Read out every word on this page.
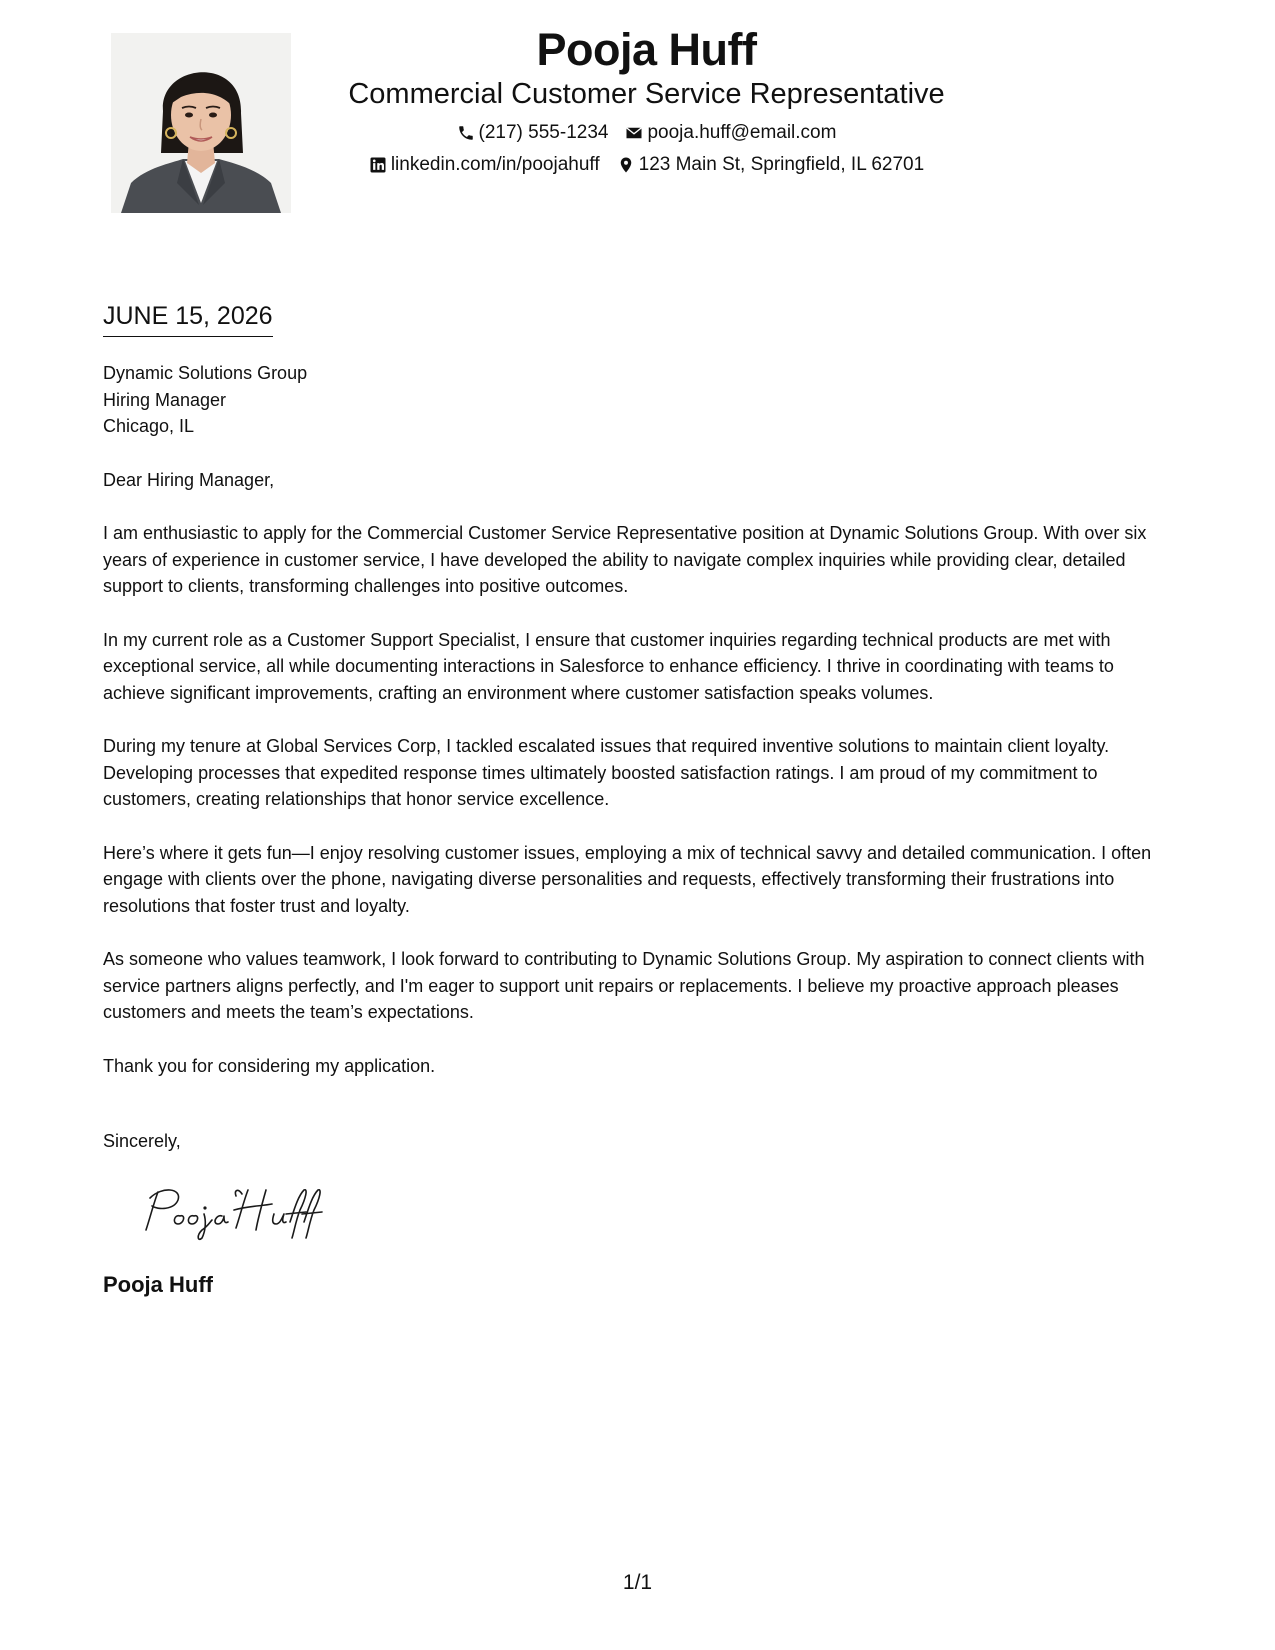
Pooja Huff
Commercial Customer Service Representative
(217) 555-1234 pooja.huff@email.com
linkedin.com/in/poojahuff 123 Main St, Springfield, IL 62701
JUNE 15, 2026
Dynamic Solutions Group
Hiring Manager
Chicago, IL

Dear Hiring Manager,

I am enthusiastic to apply for the Commercial Customer Service Representative position at Dynamic Solutions Group. With over six years of experience in customer service, I have developed the ability to navigate complex inquiries while providing clear, detailed support to clients, transforming challenges into positive outcomes.

In my current role as a Customer Support Specialist, I ensure that customer inquiries regarding technical products are met with exceptional service, all while documenting interactions in Salesforce to enhance efficiency. I thrive in coordinating with teams to achieve significant improvements, crafting an environment where customer satisfaction speaks volumes.

During my tenure at Global Services Corp, I tackled escalated issues that required inventive solutions to maintain client loyalty. Developing processes that expedited response times ultimately boosted satisfaction ratings. I am proud of my commitment to customers, creating relationships that honor service excellence.

Here’s where it gets fun—I enjoy resolving customer issues, employing a mix of technical savvy and detailed communication. I often engage with clients over the phone, navigating diverse personalities and requests, effectively transforming their frustrations into resolutions that foster trust and loyalty.

As someone who values teamwork, I look forward to contributing to Dynamic Solutions Group. My aspiration to connect clients with service partners aligns perfectly, and I'm eager to support unit repairs or replacements. I believe my proactive approach pleases customers and meets the team’s expectations.

Thank you for considering my application.

Sincerely,
Pooja Huff
1/1
